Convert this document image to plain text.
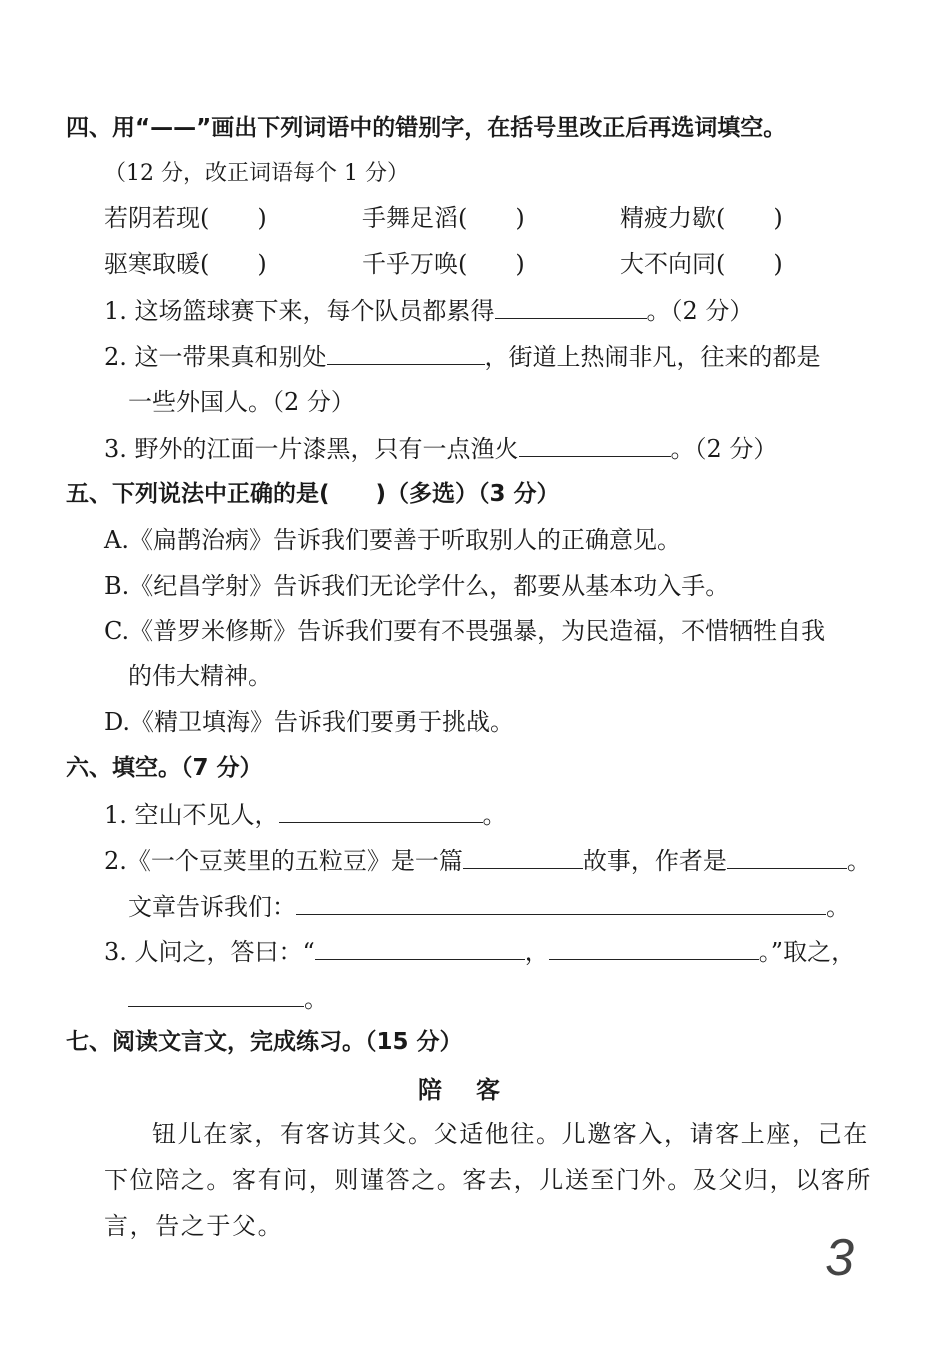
四、用“——”画出下列词语中的错别字，在括号里改正后再选词填空。
（12 分，改正词语每个 1 分）
若阴若现(　　)	手舞足滔(　　)	精疲力歇(　　)
驱寒取暖(　　)	千乎万唤(　　)	大不向同(　　)
1. 这场篮球赛下来，每个队员都累得	。（2 分）
2. 这一带果真和别处	，街道上热闹非凡，往来的都是
一些外国人。（2 分）
3. 野外的江面一片漆黑，只有一点渔火	。（2 分）
五、下列说法中正确的是(　　)（多选）（3 分）
A.《扁鹊治病》告诉我们要善于听取别人的正确意见。
B.《纪昌学射》告诉我们无论学什么，都要从基本功入手。
C.《普罗米修斯》告诉我们要有不畏强暴，为民造福，不惜牺牲自我
的伟大精神。
D.《精卫填海》告诉我们要勇于挑战。
六、填空。（7 分）
1. 空山不见人，	。
2.《一个豆荚里的五粒豆》是一篇	故事，作者是	。
文章告诉我们：	。
3. 人问之，答曰：“	，	。”取之，
。
七、阅读文言文，完成练习。（15 分）
陪客
钮儿在家，有客访其父。父适他往。儿邀客入，请客上座，己在
下位陪之。客有问，则谨答之。客去，儿送至门外。及父归，以客所
言，告之于父。
3
